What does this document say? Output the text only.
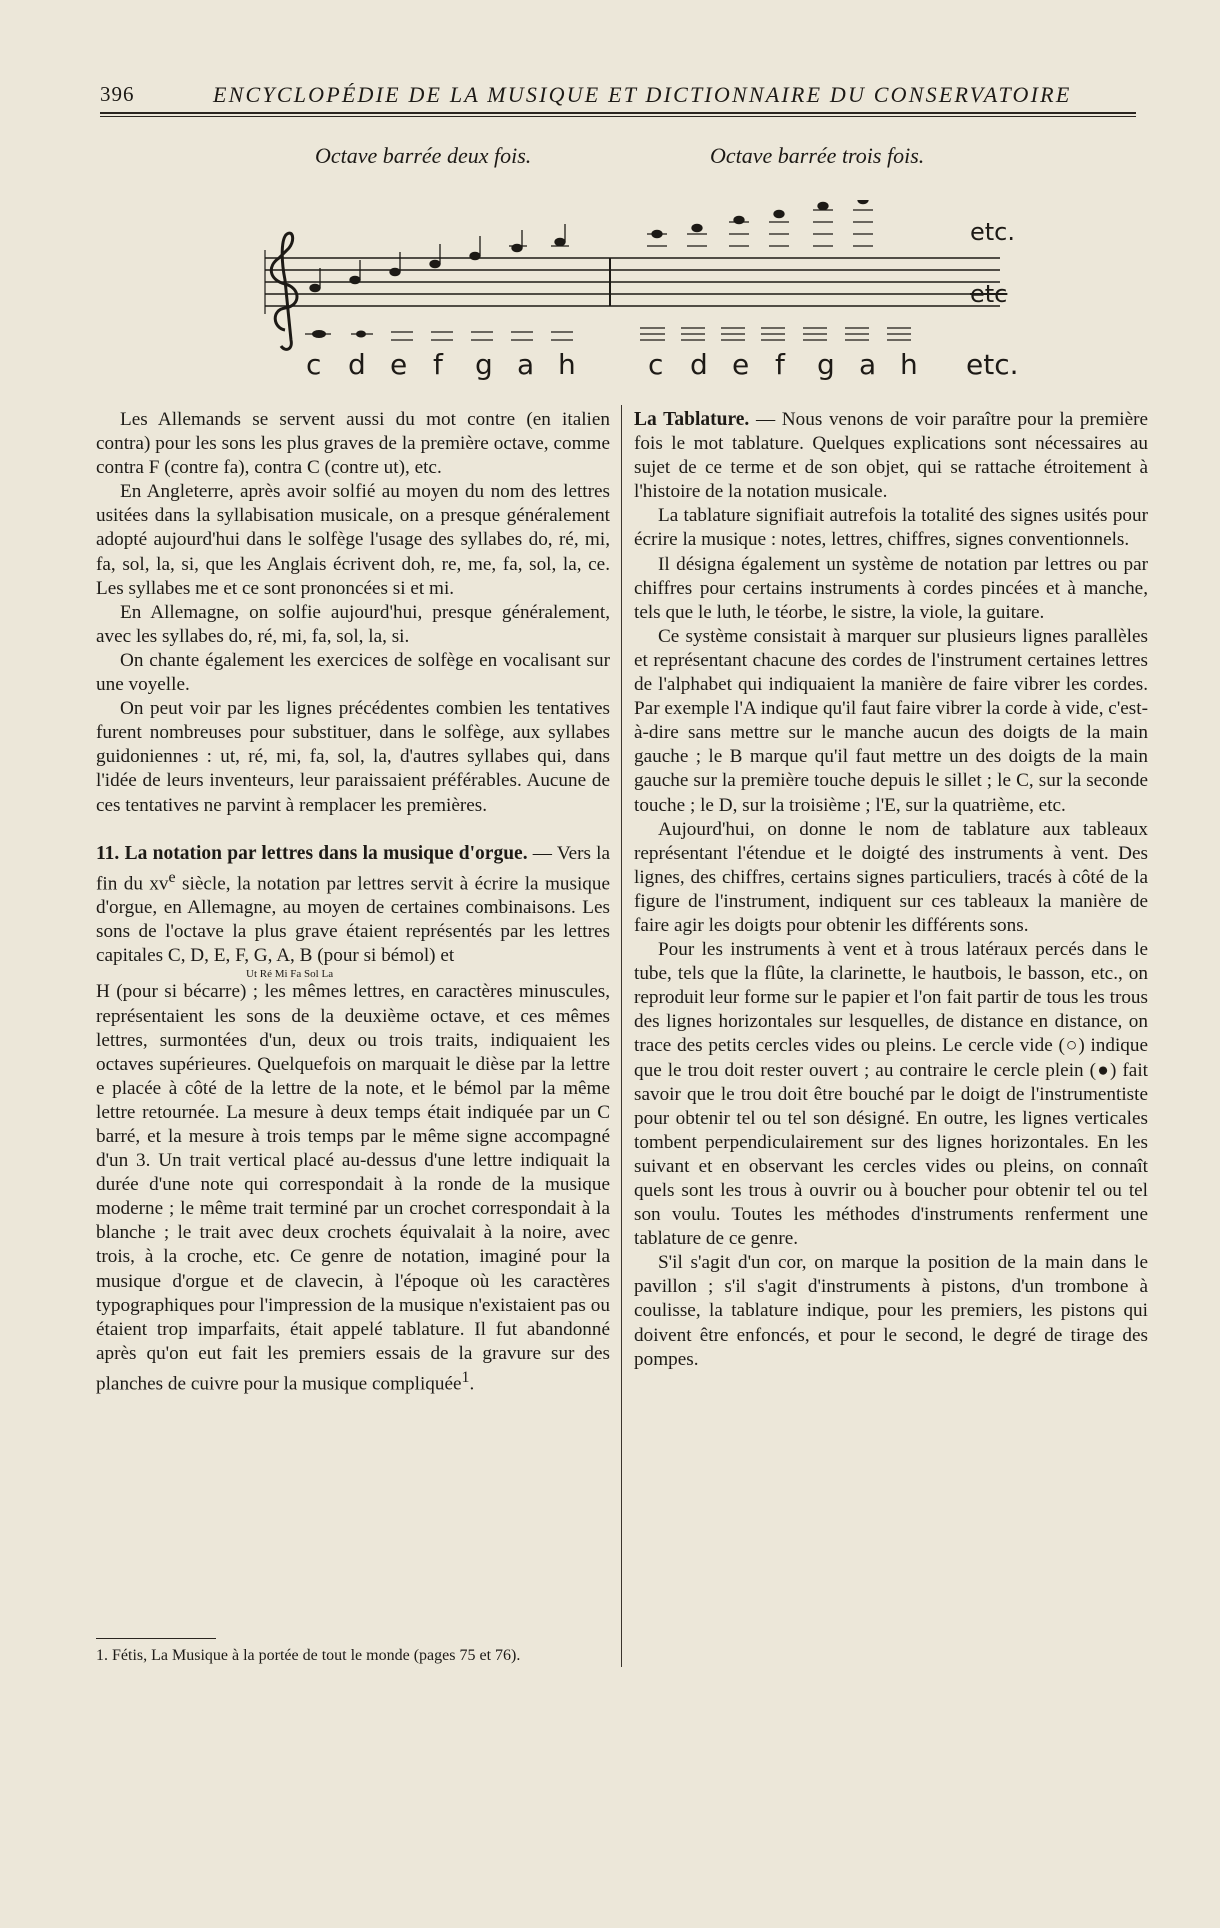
396	ENCYCLOPÉDIE DE LA MUSIQUE ET DICTIONNAIRE DU CONSERVATOIRE
Octave barrée deux fois.	Octave barrée trois fois.
etc.
etc
c d e f g a h	c d e f g a h etc.

Les Allemands se servent aussi du mot contre (en italien contra) pour les sons les plus graves de la première octave, comme contra F (contre fa), contra C (contre ut), etc.

En Angleterre, après avoir solfié au moyen du nom des lettres usitées dans la syllabisation musicale, on a presque généralement adopté aujourd'hui dans le solfège l'usage des syllabes do, ré, mi, fa, sol, la, si, que les Anglais écrivent doh, re, me, fa, sol, la, ce. Les syllabes me et ce sont prononcées si et mi.

En Allemagne, on solfie aujourd'hui, presque généralement, avec les syllabes do, ré, mi, fa, sol, la, si.

On chante également les exercices de solfège en vocalisant sur une voyelle.

On peut voir par les lignes précédentes combien les tentatives furent nombreuses pour substituer, dans le solfège, aux syllabes guidoniennes : ut, ré, mi, fa, sol, la, d'autres syllabes qui, dans l'idée de leurs inventeurs, leur paraissaient préférables. Aucune de ces tentatives ne parvint à remplacer les premières.

11. La notation par lettres dans la musique d'orgue. — Vers la fin du $xv^e$ siècle, la notation par lettres servit à écrire la musique d'orgue, en Allemagne, au moyen de certaines combinaisons. Les sons de l'octave la plus grave étaient représentés par les lettres capitales C, D, E, F, G, A, B (pour si bémol) et

Ut Ré Mi Fa Sol La

H (pour si bécarre) ; les mêmes lettres, en caractères minuscules, représentaient les sons de la deuxième octave, et ces mêmes lettres, surmontées d'un, deux ou trois traits, indiquaient les octaves supérieures. Quelquefois on marquait le dièse par la lettre e placée à côté de la lettre de la note, et le bémol par la même lettre retournée. La mesure à deux temps était indiquée par un C barré, et la mesure à trois temps par le même signe accompagné d'un 3. Un trait vertical placé au-dessus d'une lettre indiquait la durée d'une note qui correspondait à la ronde de la musique moderne ; le même trait terminé par un crochet correspondait à la blanche ; le trait avec deux crochets équivalait à la noire, avec trois, à la croche, etc. Ce genre de notation, imaginé pour la musique d'orgue et de clavecin, à l'époque où les caractères typographiques pour l'impression de la musique n'existaient pas ou étaient trop imparfaits, était appelé tablature. Il fut abandonné après qu'on eut fait les premiers essais de la gravure sur des planches de cuivre pour la musique compliquée$^1$.

1. Fétis, La Musique à la portée de tout le monde (pages 75 et 76).

La Tablature. — Nous venons de voir paraître pour la première fois le mot tablature. Quelques explications sont nécessaires au sujet de ce terme et de son objet, qui se rattache étroitement à l'histoire de la notation musicale.

La tablature signifiait autrefois la totalité des signes usités pour écrire la musique : notes, lettres, chiffres, signes conventionnels.

Il désigna également un système de notation par lettres ou par chiffres pour certains instruments à cordes pincées et à manche, tels que le luth, le téorbe, le sistre, la viole, la guitare.

Ce système consistait à marquer sur plusieurs lignes parallèles et représentant chacune des cordes de l'instrument certaines lettres de l'alphabet qui indiquaient la manière de faire vibrer les cordes. Par exemple l'A indique qu'il faut faire vibrer la corde à vide, c'est-à-dire sans mettre sur le manche aucun des doigts de la main gauche ; le B marque qu'il faut mettre un des doigts de la main gauche sur la première touche depuis le sillet ; le C, sur la seconde touche ; le D, sur la troisième ; l'E, sur la quatrième, etc.

Aujourd'hui, on donne le nom de tablature aux tableaux représentant l'étendue et le doigté des instruments à vent. Des lignes, des chiffres, certains signes particuliers, tracés à côté de la figure de l'instrument, indiquent sur ces tableaux la manière de faire agir les doigts pour obtenir les différents sons.

Pour les instruments à vent et à trous latéraux percés dans le tube, tels que la flûte, la clarinette, le hautbois, le basson, etc., on reproduit leur forme sur le papier et l'on fait partir de tous les trous des lignes horizontales sur lesquelles, de distance en distance, on trace des petits cercles vides ou pleins. Le cercle vide (○) indique que le trou doit rester ouvert ; au contraire le cercle plein (●) fait savoir que le trou doit être bouché par le doigt de l'instrumentiste pour obtenir tel ou tel son désigné. En outre, les lignes verticales tombent perpendiculairement sur des lignes horizontales. En les suivant et en observant les cercles vides ou pleins, on connaît quels sont les trous à ouvrir ou à boucher pour obtenir tel ou tel son voulu. Toutes les méthodes d'instruments renferment une tablature de ce genre.

S'il s'agit d'un cor, on marque la position de la main dans le pavillon ; s'il s'agit d'instruments à pistons, d'un trombone à coulisse, la tablature indique, pour les premiers, les pistons qui doivent être enfoncés, et pour le second, le degré de tirage des pompes.
